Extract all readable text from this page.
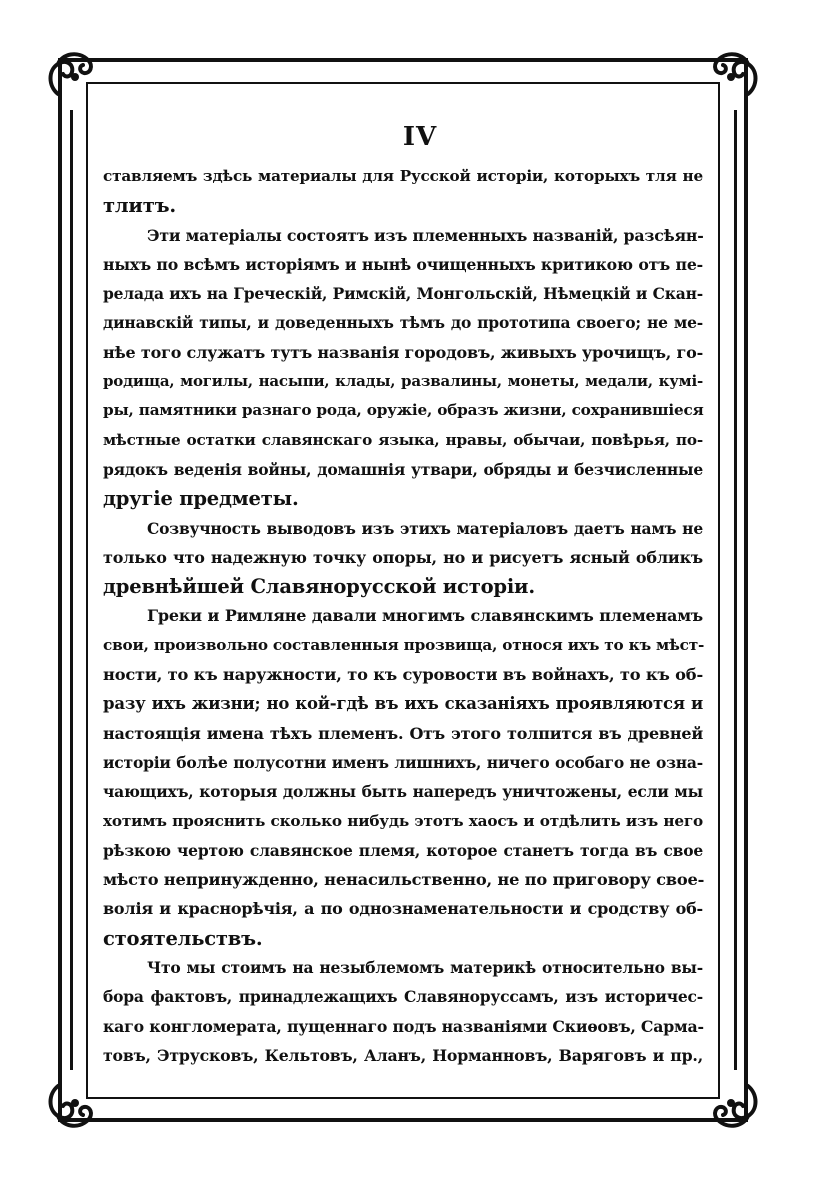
IV
ставляемъ здѣсь материалы для Русской исторіи, которыхъ тля не
тлитъ.
Эти матеріалы состоятъ изъ племенныхъ названій, разсѣян-
ныхъ по всѣмъ исторіямъ и нынѣ очищенныхъ критикою отъ пе-
релада ихъ на Греческій, Римскій, Монгольскій, Нѣмецкій и Скан-
динавскій типы, и доведенныхъ тѣмъ до прототипа своего; не ме-
нѣе того служатъ тутъ названія городовъ, живыхъ урочищъ, го-
родища, могилы, насыпи, клады, развалины, монеты, медали, кумі-
ры, памятники разнаго рода, оружіе, образъ жизни, сохранившіеся
мѣстные остатки славянскаго языка, нравы, обычаи, повѣрья, по-
рядокъ веденія войны, домашнія утвари, обряды и безчисленные
другіе предметы.
Созвучность выводовъ изъ этихъ матеріаловъ даетъ намъ не
только что надежную точку опоры, но и рисуетъ ясный обликъ
древнѣйшей Славянорусской исторіи.
Греки и Римляне давали многимъ славянскимъ племенамъ
свои, произвольно составленныя прозвища, относя ихъ то къ мѣст-
ности, то къ наружности, то къ суровости въ войнахъ, то къ об-
разу ихъ жизни; но кой-гдѣ въ ихъ сказаніяхъ проявляются и
настоящія имена тѣхъ племенъ. Отъ этого толпится въ древней
исторіи болѣе полусотни именъ лишнихъ, ничего особаго не озна-
чающихъ, которыя должны быть напередъ уничтожены, если мы
хотимъ прояснить сколько нибудь этотъ хаосъ и отдѣлить изъ него
рѣзкою чертою славянское племя, которое станетъ тогда въ свое
мѣсто непринужденно, ненасильственно, не по приговору свое-
волія и краснорѣчія, а по однознаменательности и сродству об-
стоятельствъ.
Что мы стоимъ на незыблемомъ материкѣ относительно вы-
бора фактовъ, принадлежащихъ Славянорусcамъ, изъ историчес-
каго конгломерата, пущеннаго подъ названіями Скиѳовъ, Сарма-
товъ, Этрусковъ, Кельтовъ, Аланъ, Норманновъ, Варяговъ и пр.,
